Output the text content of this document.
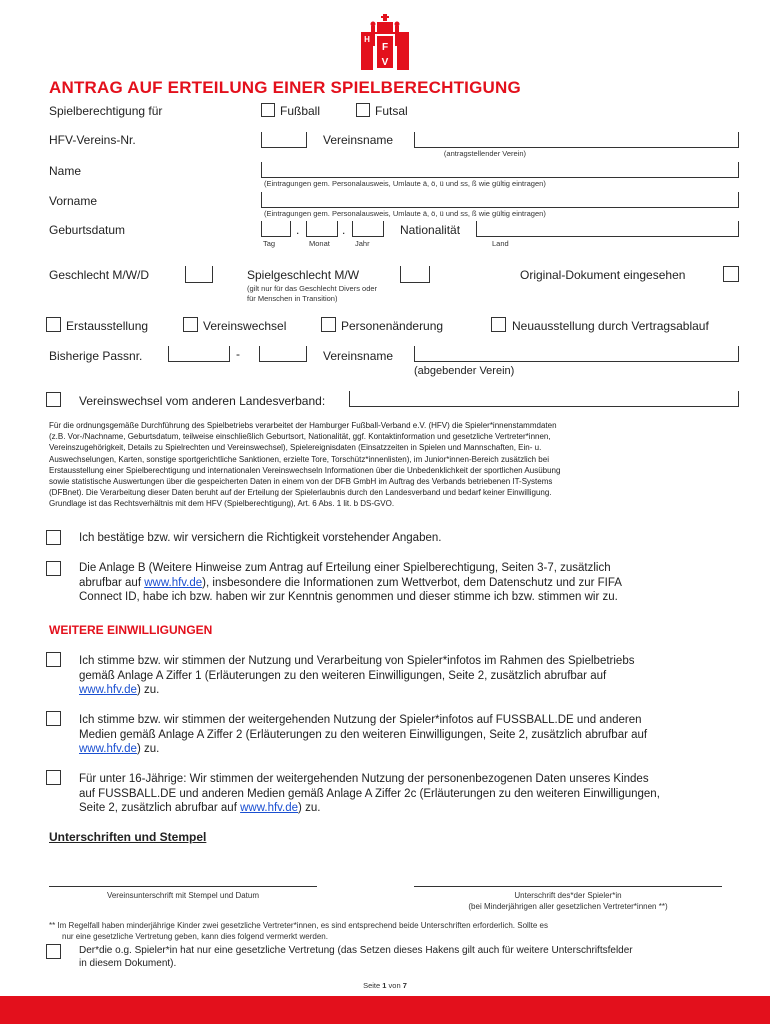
F
V
H
ANTRAG AUF ERTEILUNG EINER SPIELBERECHTIGUNG
Spielberechtigung für	Fußball	Futsal
HFV-Vereins-Nr.	Vereinsname
(antragstellender Verein)
Name
(Eintragungen gem. Personalausweis, Umlaute ä, ö, ü und ss, ß wie gültig eintragen)
Vorname
(Eintragungen gem. Personalausweis, Umlaute ä, ö, ü und ss, ß wie gültig eintragen)
Geburtsdatum	.	.
Tag	Monat	Jahr
Nationalität
Land
Geschlecht M/W/D	Spielgeschlecht M/W
(gilt nur für das Geschlecht Divers oder
für Menschen in Transition)
Original-Dokument eingesehen
Erstausstellung	Vereinswechsel	Personenänderung	Neuausstellung durch Vertragsablauf
Bisherige Passnr.	-	Vereinsname
(abgebender Verein)
Vereinswechsel vom anderen Landesverband:
Für die ordnungsgemäße Durchführung des Spielbetriebs verarbeitet der Hamburger Fußball-Verband e.V. (HFV) die Spieler*innenstammdaten
(z.B. Vor-/Nachname, Geburtsdatum, teilweise einschließlich Geburtsort, Nationalität, ggf. Kontaktinformation und gesetzliche Vertreter*innen,
Vereinszugehörigkeit, Details zu Spielrechten und Vereinswechsel), Spielereignisdaten (Einsatzzeiten in Spielen und Mannschaften, Ein- u.
Auswechselungen, Karten, sonstige sportgerichtliche Sanktionen, erzielte Tore, Torschütz*innenlisten), im Junior*innen-Bereich zusätzlich bei
Erstausstellung einer Spielberechtigung und internationalen Vereinswechseln Informationen über die Unbedenklichkeit der sportlichen Ausübung
sowie statistische Auswertungen über die gespeicherten Daten in einem von der DFB GmbH im Auftrag des Verbands betriebenen IT-Systems
(DFBnet). Die Verarbeitung dieser Daten beruht auf der Erteilung der Spielerlaubnis durch den Landesverband und bedarf keiner Einwilligung.
Grundlage ist das Rechtsverhältnis mit dem HFV (Spielberechtigung), Art. 6 Abs. 1 lit. b DS-GVO.
Ich bestätige bzw. wir versichern die Richtigkeit vorstehender Angaben.
Die Anlage B (Weitere Hinweise zum Antrag auf Erteilung einer Spielberechtigung, Seiten 3-7, zusätzlich
abrufbar auf www.hfv.de), insbesondere die Informationen zum Wettverbot, dem Datenschutz und zur FIFA
Connect ID, habe ich bzw. haben wir zur Kenntnis genommen und dieser stimme ich bzw. stimmen wir zu.
WEITERE EINWILLIGUNGEN
Ich stimme bzw. wir stimmen der Nutzung und Verarbeitung von Spieler*infotos im Rahmen des Spielbetriebs
gemäß Anlage A Ziffer 1 (Erläuterungen zu den weiteren Einwilligungen, Seite 2, zusätzlich abrufbar auf
www.hfv.de) zu.
Ich stimme bzw. wir stimmen der weitergehenden Nutzung der Spieler*infotos auf FUSSBALL.DE und anderen
Medien gemäß Anlage A Ziffer 2 (Erläuterungen zu den weiteren Einwilligungen, Seite 2, zusätzlich abrufbar auf
www.hfv.de) zu.
Für unter 16-Jährige: Wir stimmen der weitergehenden Nutzung der personenbezogenen Daten unseres Kindes
auf FUSSBALL.DE und anderen Medien gemäß Anlage A Ziffer 2c (Erläuterungen zu den weiteren Einwilligungen,
Seite 2, zusätzlich abrufbar auf www.hfv.de) zu.
Unterschriften und Stempel
Vereinsunterschrift mit Stempel und Datum	Unterschrift des*der Spieler*in
(bei Minderjährigen aller gesetzlichen Vertreter*innen **)
** Im Regelfall haben minderjährige Kinder zwei gesetzliche Vertreter*innen, es sind entsprechend beide Unterschriften erforderlich. Sollte es
nur eine gesetzliche Vertretung geben, kann dies folgend vermerkt werden.
Der*die o.g. Spieler*in hat nur eine gesetzliche Vertretung (das Setzen dieses Hakens gilt auch für weitere Unterschriftsfelder
in diesem Dokument).
Seite 1 von 7
